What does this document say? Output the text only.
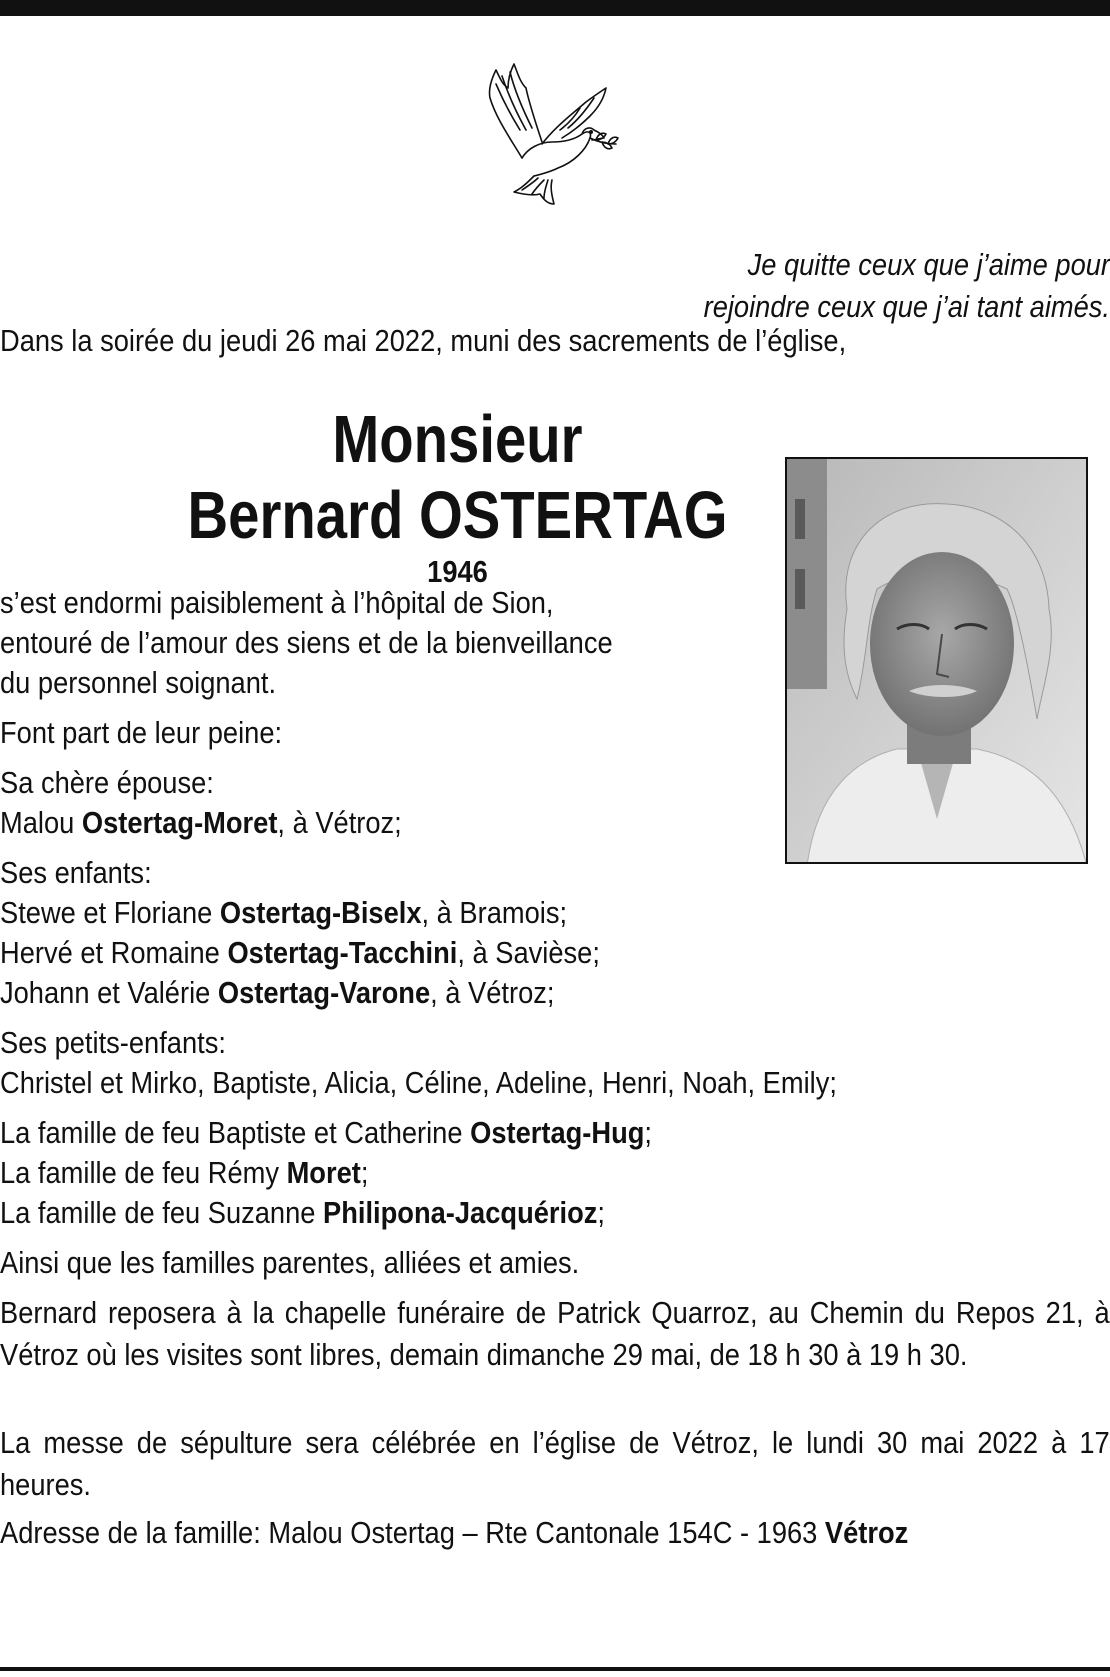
Je quitte ceux que j’aime pour
rejoindre ceux que j’ai tant aimés.
Dans la soirée du jeudi 26 mai 2022, muni des sacrements de l’église,
Monsieur
Bernard OSTERTAG
1946
s’est endormi paisiblement à l’hôpital de Sion,
entouré de l’amour des siens et de la bienveillance
du personnel soignant.
Font part de leur peine:
Sa chère épouse:
Malou Ostertag-Moret, à Vétroz;
Ses enfants:
Stewe et Floriane Ostertag-Biselx, à Bramois;
Hervé et Romaine Ostertag-Tacchini, à Savièse;
Johann et Valérie Ostertag-Varone, à Vétroz;
Ses petits-enfants:
Christel et Mirko, Baptiste, Alicia, Céline, Adeline, Henri, Noah, Emily;
La famille de feu Baptiste et Catherine Ostertag-Hug;
La famille de feu Rémy Moret;
La famille de feu Suzanne Philipona-Jacquérioz;
Ainsi que les familles parentes, alliées et amies.
Bernard reposera à la chapelle funéraire de Patrick Quarroz, au Chemin du Repos 21, à Vétroz où les visites sont libres, demain dimanche 29 mai, de 18 h 30 à 19 h 30.
La messe de sépulture sera célébrée en l’église de Vétroz, le lundi 30 mai 2022 à 17 heures.
Adresse de la famille: Malou Ostertag – Rte Cantonale 154C - 1963 Vétroz
